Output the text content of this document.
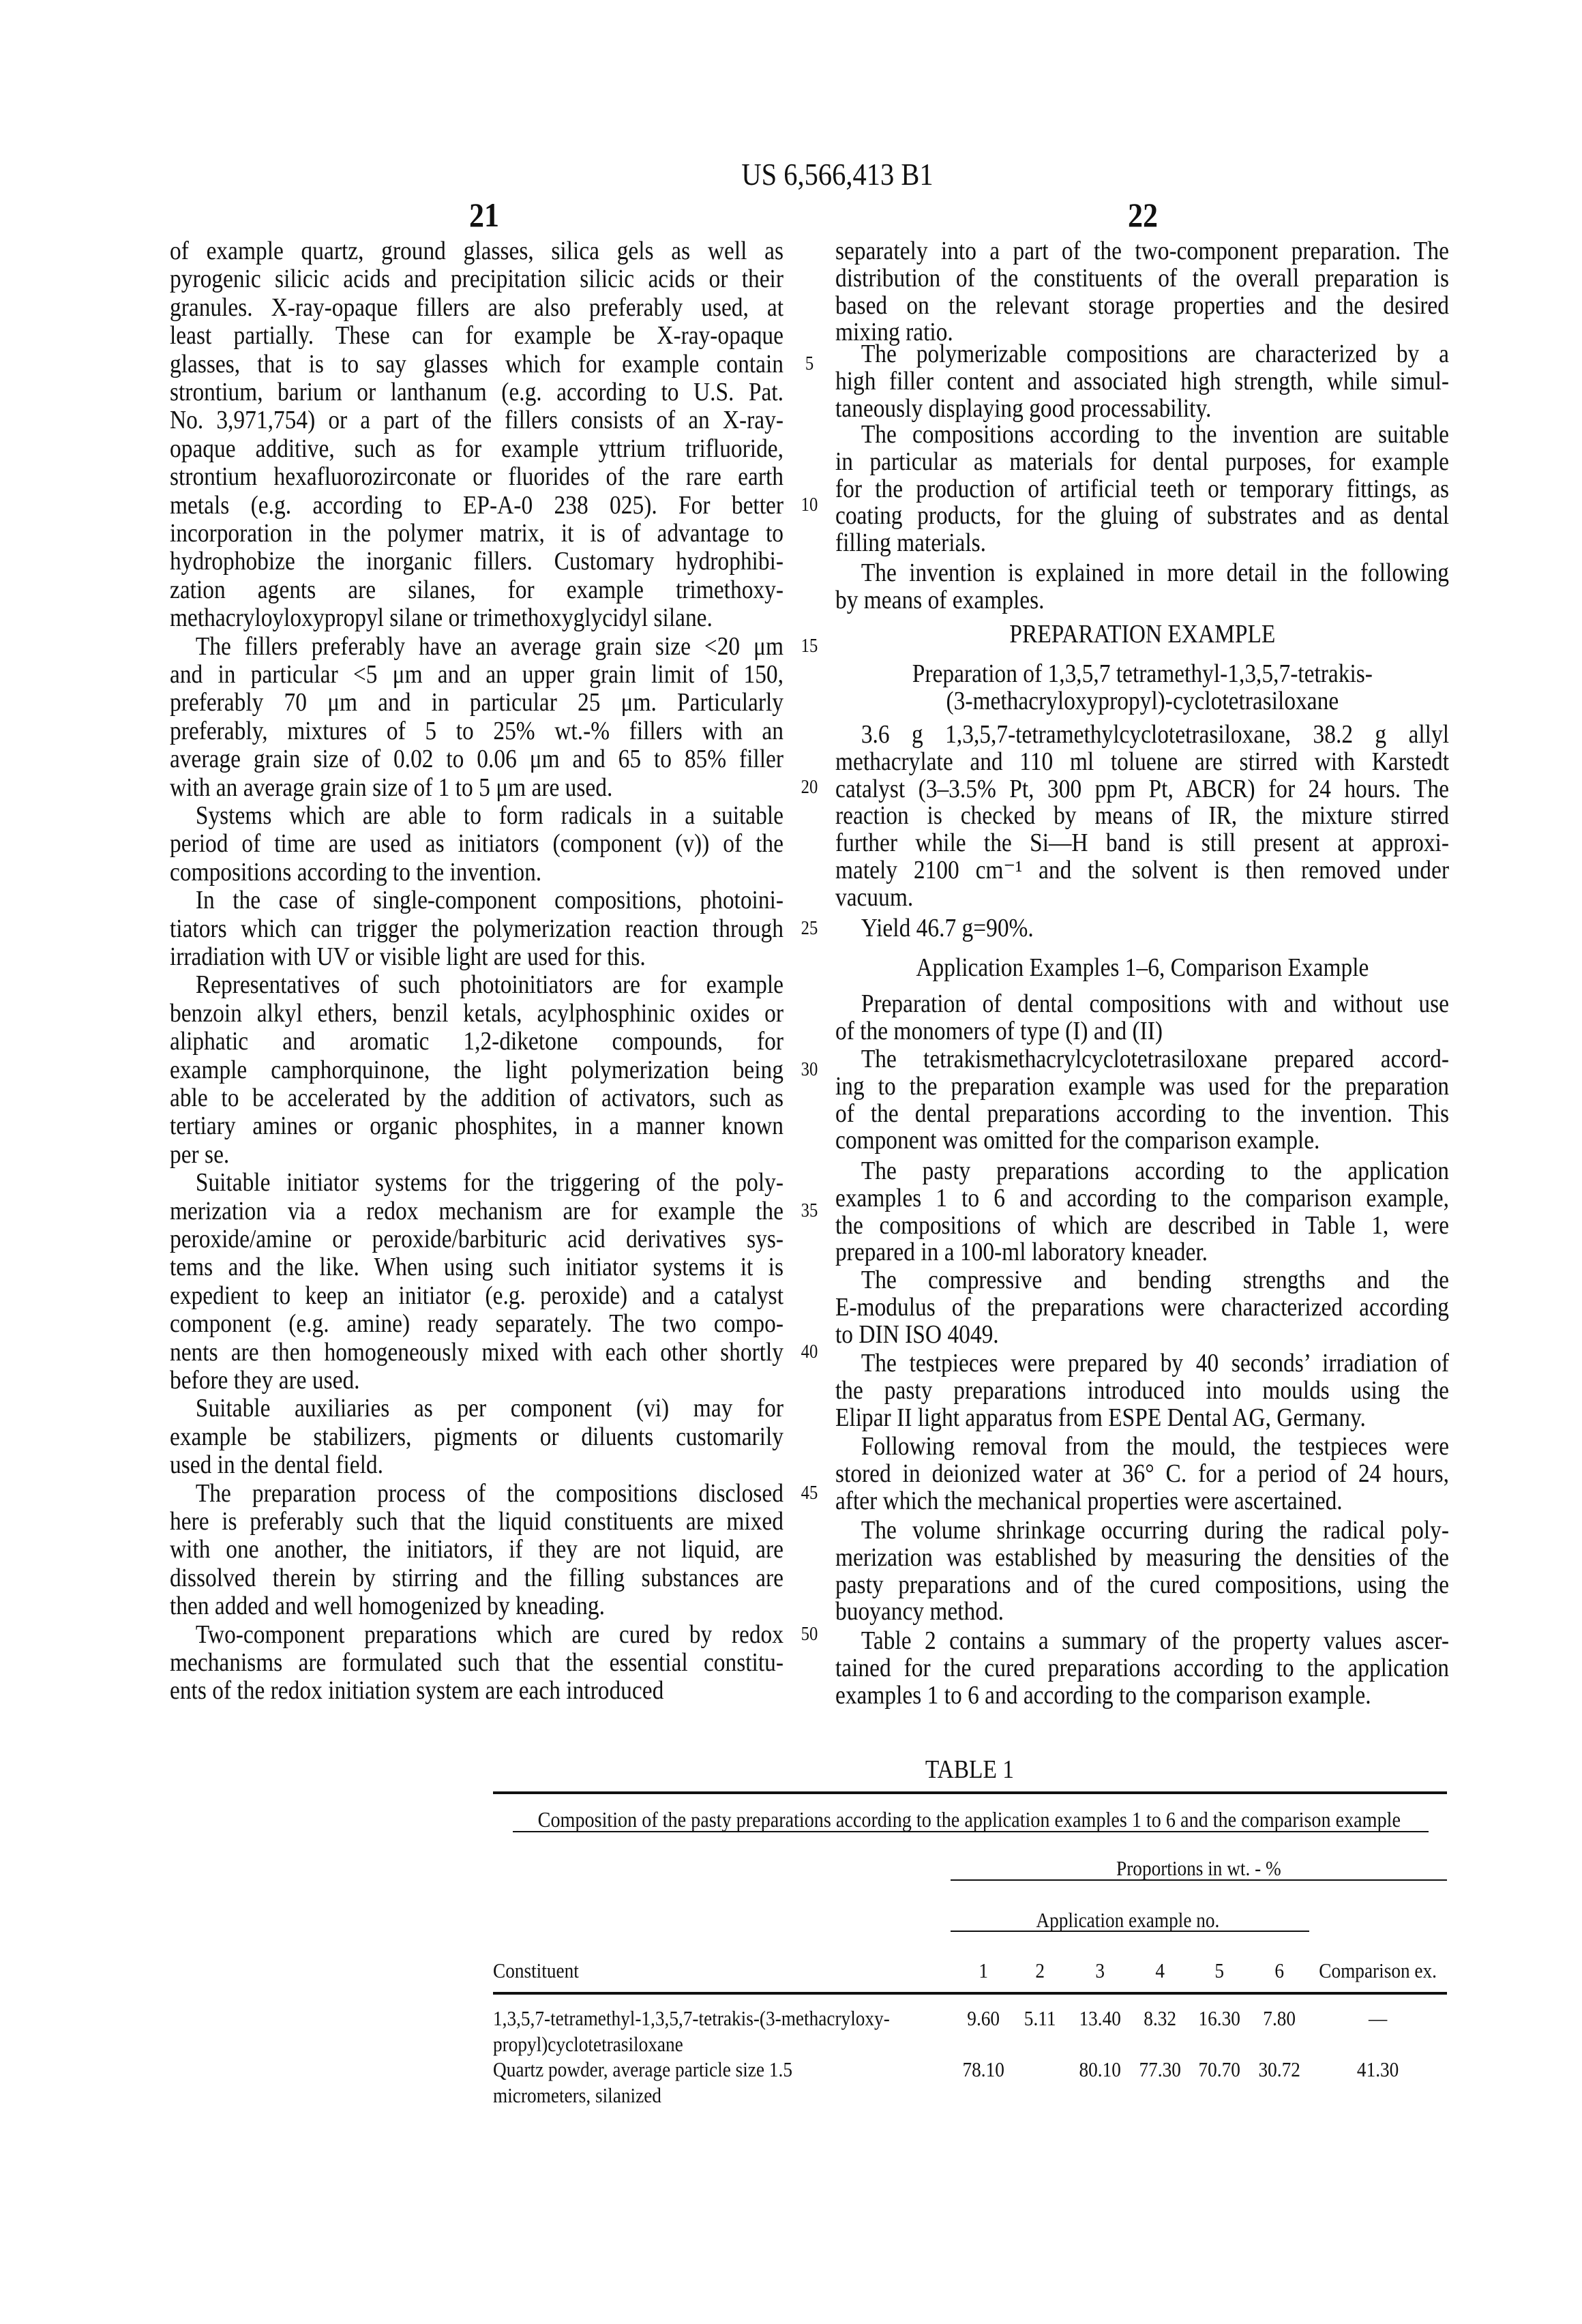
US 6,566,413 B1
21	22
of example quartz, ground glasses, silica gels as well as
pyrogenic silicic acids and precipitation silicic acids or their
granules. X-ray-opaque fillers are also preferably used, at
least partially. These can for example be X-ray-opaque
glasses, that is to say glasses which for example contain
strontium, barium or lanthanum (e.g. according to U.S. Pat.
No. 3,971,754) or a part of the fillers consists of an X-ray-
opaque additive, such as for example yttrium trifluoride,
strontium hexafluorozirconate or fluorides of the rare earth
metals (e.g. according to EP-A-0 238 025). For better
incorporation in the polymer matrix, it is of advantage to
hydrophobize the inorganic fillers. Customary hydrophibi-
zation agents are silanes, for example trimethoxy-
methacryloyloxypropyl silane or trimethoxyglycidyl silane.
The fillers preferably have an average grain size <20 μm
and in particular <5 μm and an upper grain limit of 150,
preferably 70 μm and in particular 25 μm. Particularly
preferably, mixtures of 5 to 25% wt.-% fillers with an
average grain size of 0.02 to 0.06 μm and 65 to 85% filler
with an average grain size of 1 to 5 μm are used.
Systems which are able to form radicals in a suitable
period of time are used as initiators (component (v)) of the
compositions according to the invention.
In the case of single-component compositions, photoini-
tiators which can trigger the polymerization reaction through
irradiation with UV or visible light are used for this.
Representatives of such photoinitiators are for example
benzoin alkyl ethers, benzil ketals, acylphosphinic oxides or
aliphatic and aromatic 1,2-diketone compounds, for
example camphorquinone, the light polymerization being
able to be accelerated by the addition of activators, such as
tertiary amines or organic phosphites, in a manner known
per se.
Suitable initiator systems for the triggering of the poly-
merization via a redox mechanism are for example the
peroxide/amine or peroxide/barbituric acid derivatives sys-
tems and the like. When using such initiator systems it is
expedient to keep an initiator (e.g. peroxide) and a catalyst
component (e.g. amine) ready separately. The two compo-
nents are then homogeneously mixed with each other shortly
before they are used.
Suitable auxiliaries as per component (vi) may for
example be stabilizers, pigments or diluents customarily
used in the dental field.
The preparation process of the compositions disclosed
here is preferably such that the liquid constituents are mixed
with one another, the initiators, if they are not liquid, are
dissolved therein by stirring and the filling substances are
then added and well homogenized by kneading.
Two-component preparations which are cured by redox
mechanisms are formulated such that the essential constitu-
ents of the redox initiation system are each introduced
5
10
15
20
25
30
35
40
45
50
separately into a part of the two-component preparation. The
distribution of the constituents of the overall preparation is
based on the relevant storage properties and the desired
mixing ratio.
The polymerizable compositions are characterized by a
high filler content and associated high strength, while simul-
taneously displaying good processability.
The compositions according to the invention are suitable
in particular as materials for dental purposes, for example
for the production of artificial teeth or temporary fittings, as
coating products, for the gluing of substrates and as dental
filling materials.
The invention is explained in more detail in the following
by means of examples.
PREPARATION EXAMPLE
Preparation of 1,3,5,7 tetramethyl-1,3,5,7-tetrakis-
(3-methacryloxypropyl)-cyclotetrasiloxane
3.6 g 1,3,5,7-tetramethylcyclotetrasiloxane, 38.2 g allyl
methacrylate and 110 ml toluene are stirred with Karstedt
catalyst (3–3.5% Pt, 300 ppm Pt, ABCR) for 24 hours. The
reaction is checked by means of IR, the mixture stirred
further while the Si—H band is still present at approxi-
mately 2100 cm⁻¹ and the solvent is then removed under
vacuum.
Yield 46.7 g=90%.
Application Examples 1–6, Comparison Example
Preparation of dental compositions with and without use
of the monomers of type (I) and (II)
The tetrakismethacrylcyclotetrasiloxane prepared accord-
ing to the preparation example was used for the preparation
of the dental preparations according to the invention. This
component was omitted for the comparison example.
The pasty preparations according to the application
examples 1 to 6 and according to the comparison example,
the compositions of which are described in Table 1, were
prepared in a 100-ml laboratory kneader.
The compressive and bending strengths and the
E-modulus of the preparations were characterized according
to DIN ISO 4049.
The testpieces were prepared by 40 seconds’ irradiation of
the pasty preparations introduced into moulds using the
Elipar II light apparatus from ESPE Dental AG, Germany.
Following removal from the mould, the testpieces were
stored in deionized water at 36° C. for a period of 24 hours,
after which the mechanical properties were ascertained.
The volume shrinkage occurring during the radical poly-
merization was established by measuring the densities of the
pasty preparations and of the cured compositions, using the
buoyancy method.
Table 2 contains a summary of the property values ascer-
tained for the cured preparations according to the application
examples 1 to 6 and according to the comparison example.
TABLE 1
Composition of the pasty preparations according to the application examples 1 to 6 and the comparison example
Proportions in wt. - %
Application example no.
Constituent	1	2	3	4	5	6	Comparison ex.
1,3,5,7-tetramethyl-1,3,5,7-tetrakis-(3-methacryloxy-
propyl)cyclotetrasiloxane
9.60	5.11	13.40	8.32	16.30	7.80	—
Quartz powder, average particle size 1.5
micrometers, silanized
78.10	80.10 77.30 70.70 30.72	41.30
